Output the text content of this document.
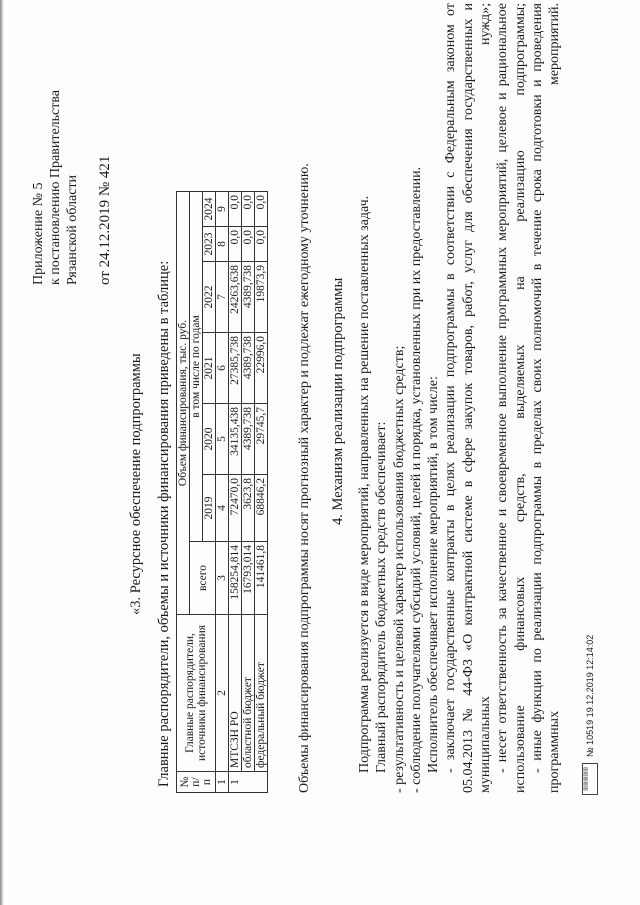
Приложение № 5 к постановлению Правительства Рязанской области от 24.12.2019 № 421
«3. Ресурсное обеспечение подпрограммы Главные распорядители, объемы и источники финансирования приведены в таблице: № п/п	Главные распорядители, источники финансирования	Объем финансирования, тыс. руб.						
		всего	в том числе по годам					
			2019	2020	2021	2022	2023	2024
1	2	3	4	5	6	7	8	9
1	МТСЗН РО	158254,814	72470,0	34135,438	27385,738	24263,638	0,0	0,0
	областной бюджет	16793,014	3623,8	4389,738	4389,738	4389,738	0,0	0,0
	федеральный бюджет	141461,8	68846,2	29745,7	22996,0	19873,9	0,0	0,0 Объемы финансирования подпрограммы носят прогнозный характер и подлежат ежегодному уточнению. 4. Механизм реализации подпрограммы Подпрограмма реализуется в виде мероприятий, направленных на решение поставленных задач. Главный распорядитель бюджетных средств обеспечивает: - результативность и целевой характер использования бюджетных средств; - соблюдение получателями субсидий условий, целей и порядка, установленных при их предоставлении. Исполнитель обеспечивает исполнение мероприятий, в том числе: - заключает государственные контракты в целях реализации подпрограммы в соответствии с Федеральным законом от 05.04.2013 № 44-ФЗ «О контрактной системе в сфере закупок товаров, работ, услуг для обеспечения государственных и муниципальных нужд»; - несет ответственность за качественное и своевременное выполнение программных мероприятий, целевое и рациональное использование финансовых средств, выделяемых на реализацию подпрограммы; - иные функции по реализации подпрограммы в пределах своих полномочий в течение срока подготовки и проведения программных мероприятий.	▥▥▥▥▥
№ 10519 19.12.2019 12:14:02
